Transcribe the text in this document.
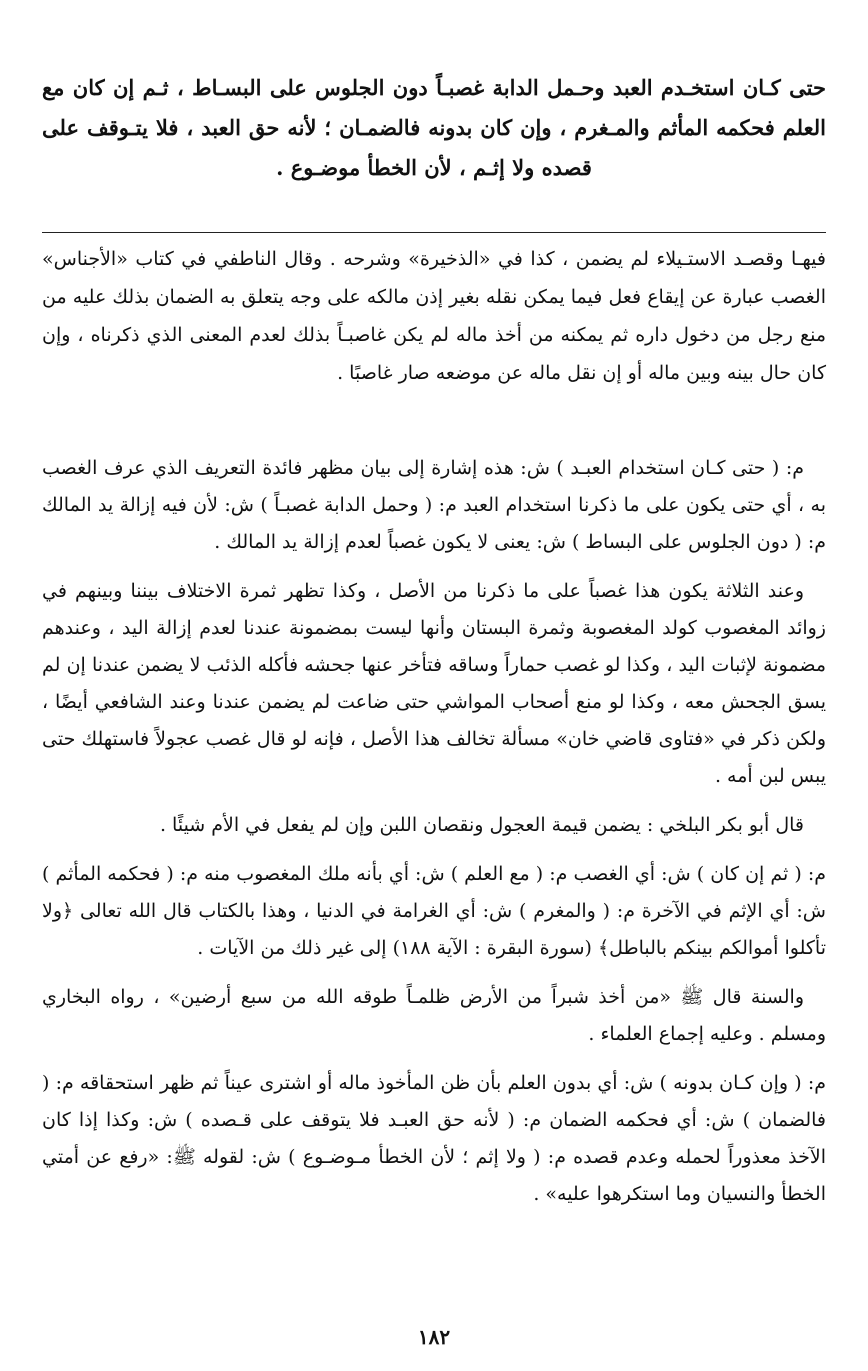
حتى كـان استخـدم العبد وحـمل الدابة غصبـاً دون الجلوس على البسـاط ، ثـم إن كان مع العلم فحكمه المأثم والمـغرم ، وإن كان بدونه فالضمـان ؛ لأنه حق العبد ، فلا يتـوقف على قصده ولا إثـم ، لأن الخطأ موضـوع .

فيهـا وقصـد الاستـيلاء لم يضمن ، كذا في «الذخيرة» وشرحه . وقال الناطفي في كتاب «الأجناس» الغصب عبارة عن إيقاع فعل فيما يمكن نقله بغير إذن مالكه على وجه يتعلق به الضمان بذلك عليه من منع رجل من دخول داره ثم يمكنه من أخذ ماله لم يكن غاصبـاً بذلك لعدم المعنى الذي ذكرناه ، وإن كان حال بينه وبين ماله أو إن نقل ماله عن موضعه صار غاصبًا .

م: ( حتى كـان استخدام العبـد ) ش: هذه إشارة إلى بيان مظهر فائدة التعريف الذي عرف الغصب به ، أي حتى يكون على ما ذكرنا استخدام العبد م: ( وحمل الدابة غصبـاً ) ش: لأن فيه إزالة يد المالك م: ( دون الجلوس على البساط ) ش: يعنى لا يكون غصباً لعدم إزالة يد المالك .

وعند الثلاثة يكون هذا غصباً على ما ذكرنا من الأصل ، وكذا تظهر ثمرة الاختلاف بيننا وبينهم في زوائد المغصوب كولد المغصوبة وثمرة البستان وأنها ليست بمضمونة عندنا لعدم إزالة اليد ، وعندهم مضمونة لإثبات اليد ، وكذا لو غصب حماراً وساقه فتأخر عنها جحشه فأكله الذئب لا يضمن عندنا إن لم يسق الجحش معه ، وكذا لو منع أصحاب المواشي حتى ضاعت لم يضمن عندنا وعند الشافعي أيضًا ، ولكن ذكر في «فتاوى قاضي خان» مسألة تخالف هذا الأصل ، فإنه لو قال غصب عجولاً فاستهلك حتى يبس لبن أمه .

قال أبو بكر البلخي : يضمن قيمة العجول ونقصان اللبن وإن لم يفعل في الأم شيئًا .

م: ( ثم إن كان ) ش: أي الغصب م: ( مع العلم ) ش: أي بأنه ملك المغصوب منه م: ( فحكمه المأثم ) ش: أي الإثم في الآخرة م: ( والمغرم ) ش: أي الغرامة في الدنيا ، وهذا بالكتاب قال الله تعالى ﴿ولا تأكلوا أموالكم بينكم بالباطل﴾ (سورة البقرة : الآية ١٨٨) إلى غير ذلك من الآيات .

والسنة قال ﷺ «من أخذ شبراً من الأرض ظلمـاً طوقه الله من سبع أرضين» ، رواه البخاري ومسلم . وعليه إجماع العلماء .

م: ( وإن كـان بدونه ) ش: أي بدون العلم بأن ظن المأخوذ ماله أو اشترى عيناً ثم ظهر استحقاقه م: ( فالضمان ) ش: أي فحكمه الضمان م: ( لأنه حق العبـد فلا يتوقف على قـصده ) ش: وكذا إذا كان الآخذ معذوراً لحمله وعدم قصده م: ( ولا إثم ؛ لأن الخطأ مـوضـوع ) ش: لقوله ﷺ: «رفع عن أمتي الخطأ والنسيان وما استكرهوا عليه» .

١٨٢
